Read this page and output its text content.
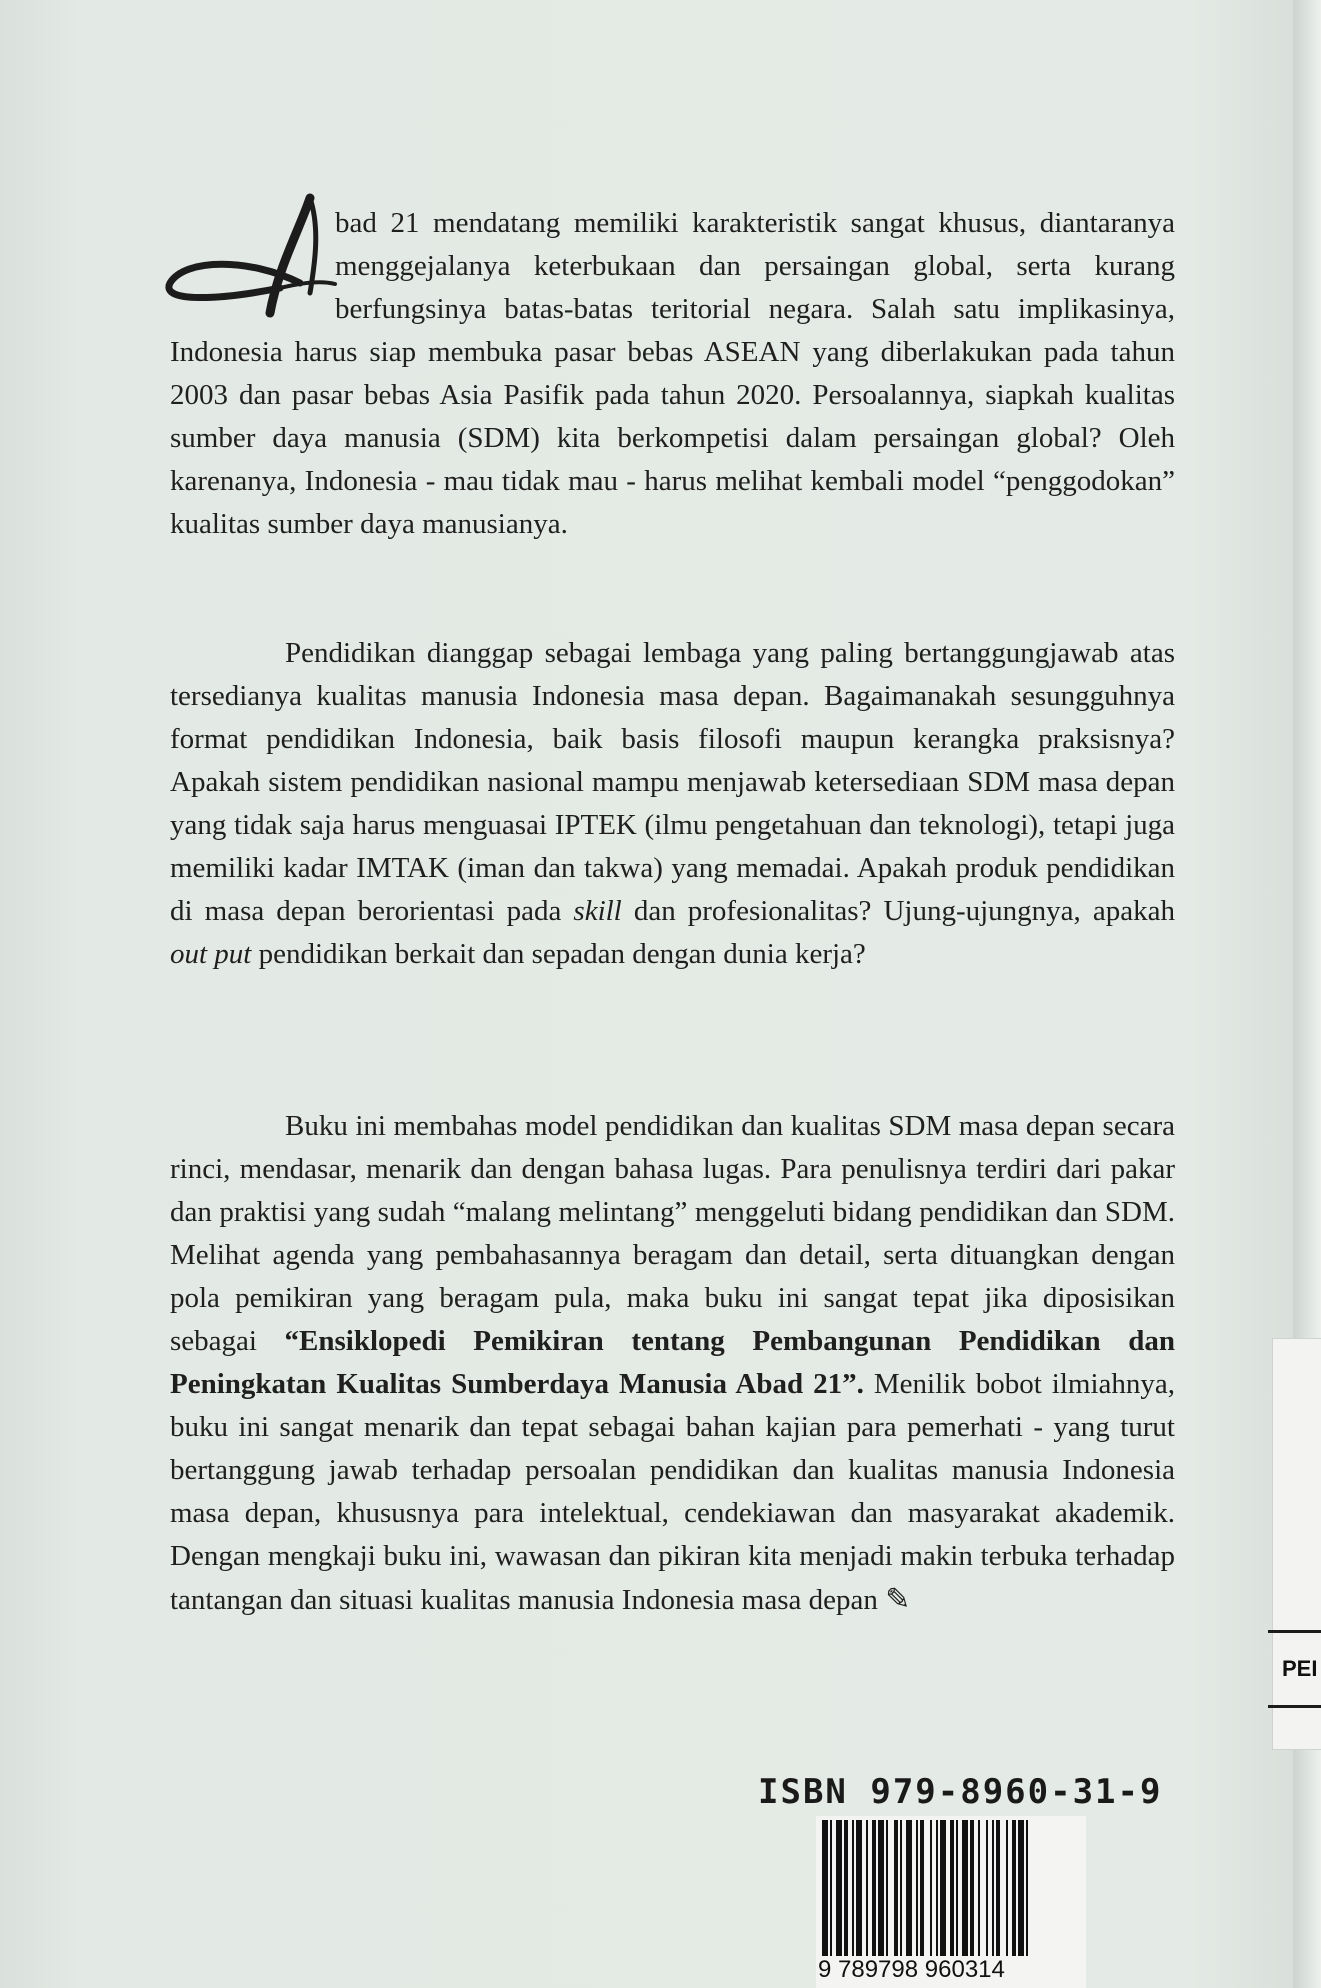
PEI

bad 21 mendatang memiliki karakteristik sangat khusus, diantaranya menggejalanya keterbukaan dan persaingan global, serta kurang berfungsinya batas-batas teritorial negara. Salah satu implikasinya, Indonesia harus siap membuka pasar bebas ASEAN yang diberlakukan pada tahun 2003 dan pasar bebas Asia Pasifik pada tahun 2020. Persoalannya, siapkah kualitas sumber daya manusia (SDM) kita berkompetisi dalam persaingan global? Oleh karenanya, Indonesia - mau tidak mau - harus melihat kembali model “penggodokan” kualitas sumber daya manusianya.

Pendidikan dianggap sebagai lembaga yang paling bertanggungjawab atas tersedianya kualitas manusia Indonesia masa depan. Bagaimanakah sesungguhnya format pendidikan Indonesia, baik basis filosofi maupun kerangka praksisnya? Apakah sistem pendidikan nasional mampu menjawab ketersediaan SDM masa depan yang tidak saja harus menguasai IPTEK (ilmu pengetahuan dan teknologi), tetapi juga memiliki kadar IMTAK (iman dan takwa) yang memadai. Apakah produk pendidikan di masa depan berorientasi pada skill dan profesionalitas? Ujung-ujungnya, apakah out put pendidikan berkait dan sepadan dengan dunia kerja?

Buku ini membahas model pendidikan dan kualitas SDM masa depan secara rinci, mendasar, menarik dan dengan bahasa lugas. Para penulisnya terdiri dari pakar dan praktisi yang sudah “malang melintang” menggeluti bidang pendidikan dan SDM. Melihat agenda yang pembahasannya beragam dan detail, serta dituangkan dengan pola pemikiran yang beragam pula, maka buku ini sangat tepat jika diposisikan sebagai “Ensiklopedi Pemikiran tentang Pembangunan Pendidikan dan Peningkatan Kualitas Sumberdaya Manusia Abad 21”. Menilik bobot ilmiahnya, buku ini sangat menarik dan tepat sebagai bahan kajian para pemerhati - yang turut bertanggung jawab terhadap persoalan pendidikan dan kualitas manusia Indonesia masa depan, khususnya para intelektual, cendekiawan dan masyarakat akademik. Dengan mengkaji buku ini, wawasan dan pikiran kita menjadi makin terbuka terhadap tantangan dan situasi kualitas manusia Indonesia masa depan ✎

ISBN 979-8960-31-9
9 789798 960314
